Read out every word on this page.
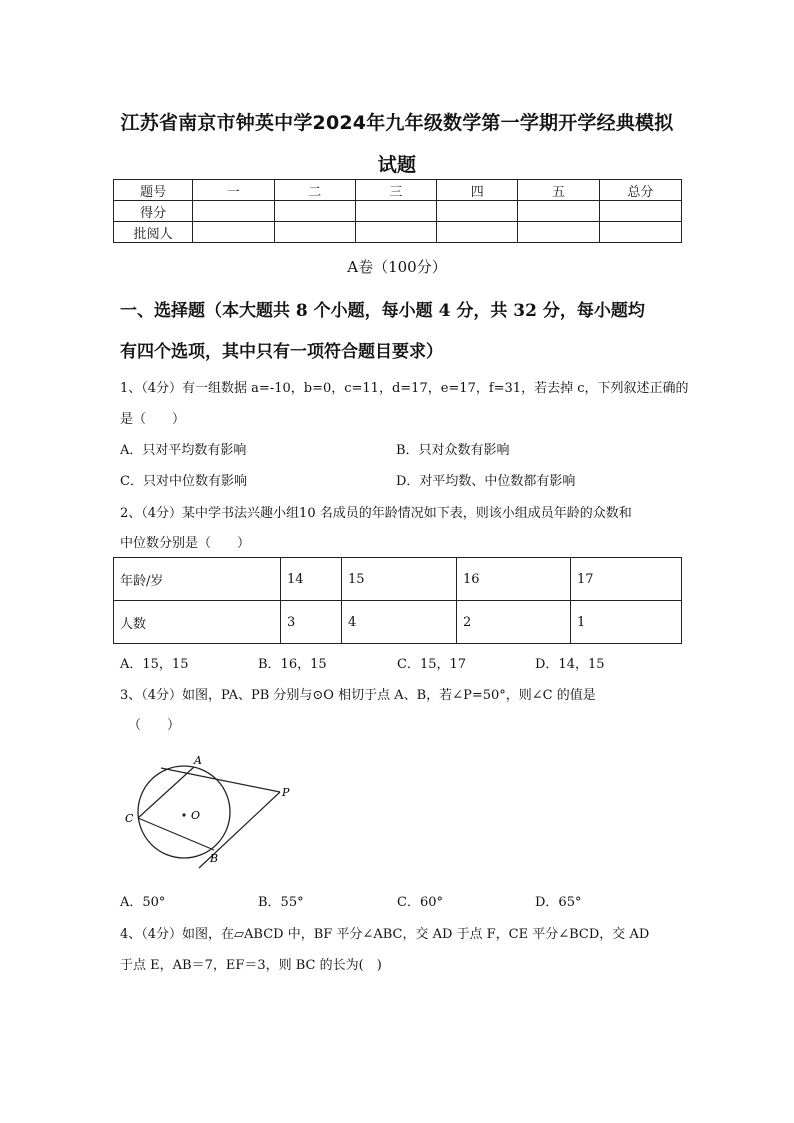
江苏省南京市钟英中学2024年九年级数学第一学期开学经典模拟
试题
题号	一	二	三	四	五	总分
得分						
批阅人						
A卷（100分）
一、选择题（本大题共 8 个小题，每小题 4 分，共 32 分，每小题均
有四个选项，其中只有一项符合题目要求）
1、（4分）有一组数据 a=-10，b=0，c=11，d=17，e=17，f=31，若去掉 c，下列叙述正确的
是（　　）
A．只对平均数有影响	B．只对众数有影响
C．只对中位数有影响	D．对平均数、中位数都有影响
2、（4分）某中学书法兴趣小组10 名成员的年龄情况如下表，则该小组成员年龄的众数和
中位数分别是（　　）
年龄/岁	14	15	16	17
人数	3	4	2	1
A．15，15	B．16，15	C．15，17	D．14，15
3、（4分）如图，PA、PB 分别与⊙O 相切于点 A、B，若∠P=50°，则∠C 的值是
（　　）
A
P
C	O
B
A．50°	B．55°	C．60°	D．65°
4、（4分）如图，在▱ABCD 中，BF 平分∠ABC，交 AD 于点 F，CE 平分∠BCD，交 AD
于点 E，AB＝7，EF＝3，则 BC 的长为(　)
